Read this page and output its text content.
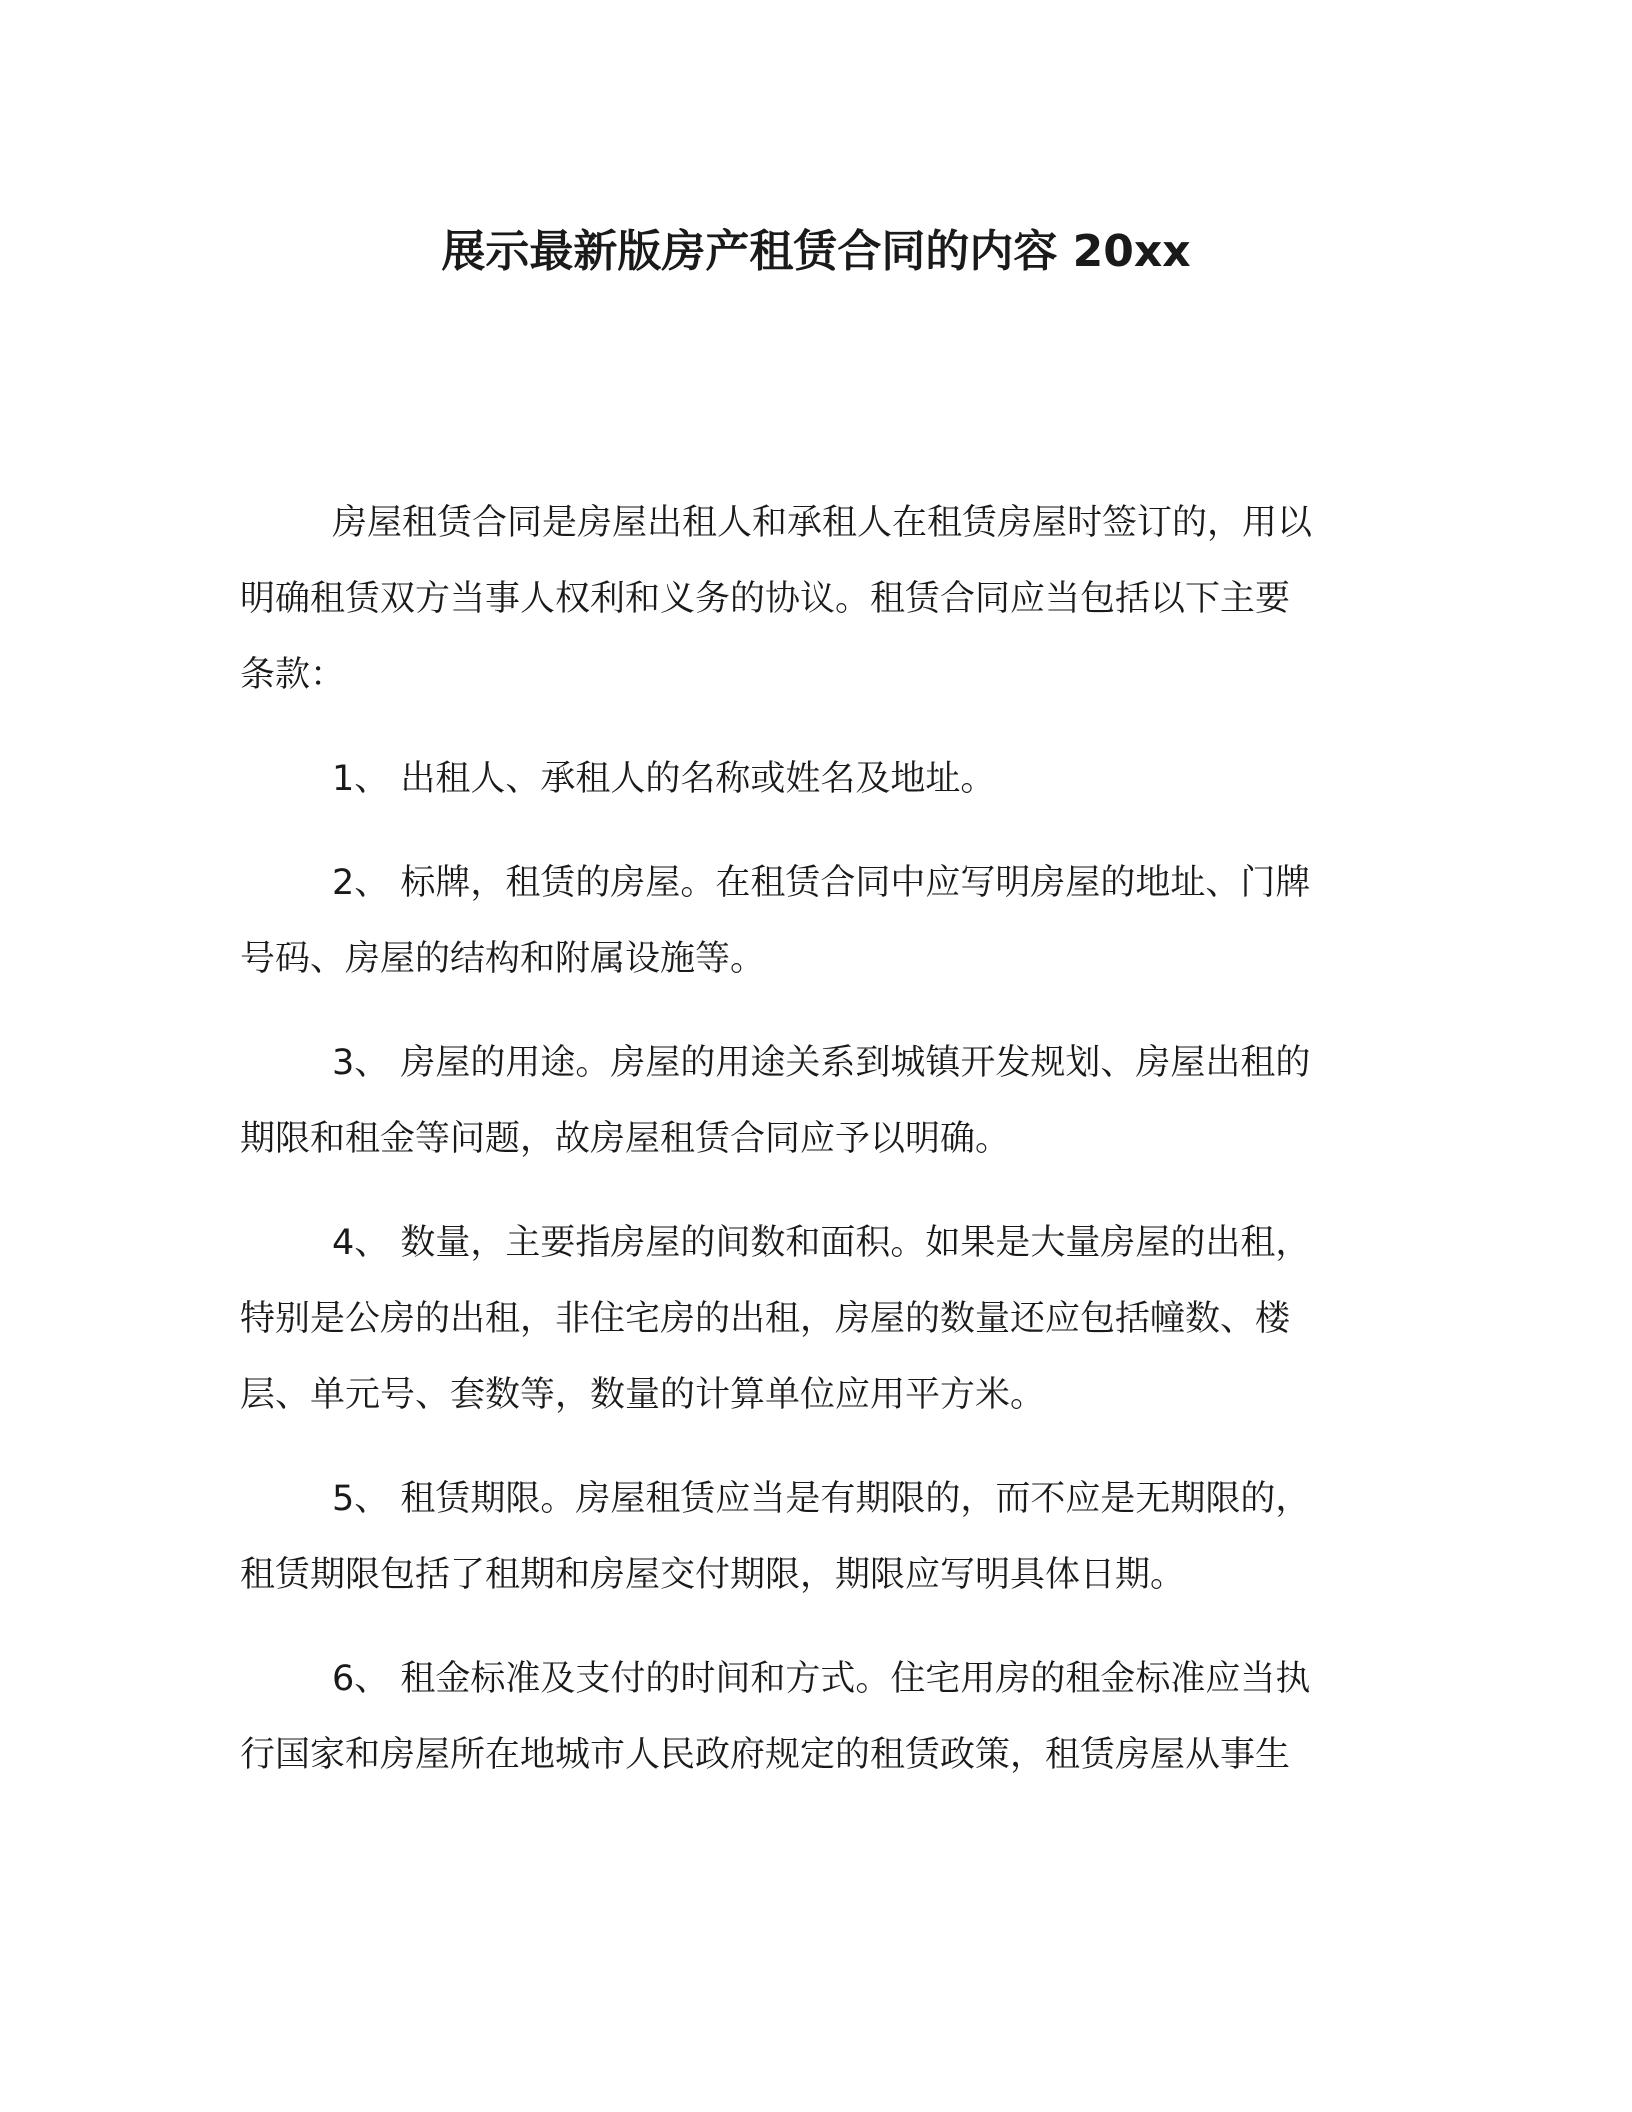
展示最新版房产租赁合同的内容 20xx

房屋租赁合同是房屋出租人和承租人在租赁房屋时签订的，用以
明确租赁双方当事人权利和义务的协议。租赁合同应当包括以下主要
条款：

1、 出租人、承租人的名称或姓名及地址。

2、 标牌，租赁的房屋。在租赁合同中应写明房屋的地址、门牌
号码、房屋的结构和附属设施等。

3、 房屋的用途。房屋的用途关系到城镇开发规划、房屋出租的
期限和租金等问题，故房屋租赁合同应予以明确。

4、 数量，主要指房屋的间数和面积。如果是大量房屋的出租，
特别是公房的出租，非住宅房的出租，房屋的数量还应包括幢数、楼
层、单元号、套数等，数量的计算单位应用平方米。

5、 租赁期限。房屋租赁应当是有期限的，而不应是无期限的，
租赁期限包括了租期和房屋交付期限，期限应写明具体日期。

6、 租金标准及支付的时间和方式。住宅用房的租金标准应当执
行国家和房屋所在地城市人民政府规定的租赁政策，租赁房屋从事生
